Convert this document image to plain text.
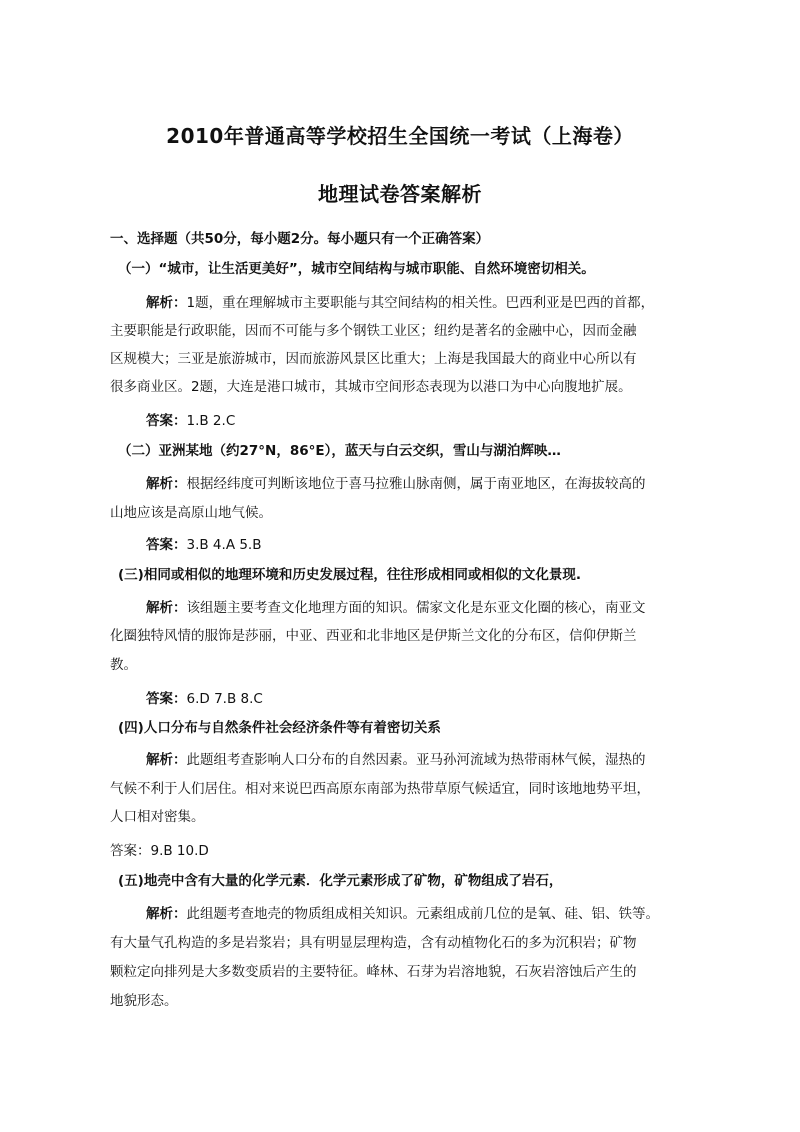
2010年普通高等学校招生全国统一考试（上海卷）
地理试卷答案解析
一、选择题（共50分，每小题2分。每小题只有一个正确答案）
（一）“城市，让生活更美好”，城市空间结构与城市职能、自然环境密切相关。
解析：1题，重在理解城市主要职能与其空间结构的相关性。巴西利亚是巴西的首都，
主要职能是行政职能，因而不可能与多个钢铁工业区；纽约是著名的金融中心，因而金融
区规模大；三亚是旅游城市，因而旅游风景区比重大；上海是我国最大的商业中心所以有
很多商业区。2题，大连是港口城市，其城市空间形态表现为以港口为中心向腹地扩展。
答案：1.B 2.C
（二）亚洲某地（约27°N，86°E），蓝天与白云交织，雪山与湖泊辉映…
解析：根据经纬度可判断该地位于喜马拉雅山脉南侧，属于南亚地区，在海拔较高的
山地应该是高原山地气候。
答案：3.B 4.A 5.B
(三)相同或相似的地理环境和历史发展过程，往往形成相同或相似的文化景现.
解析：该组题主要考查文化地理方面的知识。儒家文化是东亚文化圈的核心，南亚文
化圈独特风情的服饰是莎丽，中亚、西亚和北非地区是伊斯兰文化的分布区，信仰伊斯兰
教。
答案：6.D 7.B 8.C
(四)人口分布与自然条件社会经济条件等有着密切关系
解析：此题组考查影响人口分布的自然因素。亚马孙河流域为热带雨林气候，湿热的
气候不利于人们居住。相对来说巴西高原东南部为热带草原气候适宜，同时该地地势平坦，
人口相对密集。
答案：9.B 10.D
(五)地壳中含有大量的化学元素．化学元素形成了矿物，矿物组成了岩石，
解析：此组题考查地壳的物质组成相关知识。元素组成前几位的是氧、硅、铝、铁等。
有大量气孔构造的多是岩浆岩；具有明显层理构造，含有动植物化石的多为沉积岩；矿物
颗粒定向排列是大多数变质岩的主要特征。峰林、石芽为岩溶地貌，石灰岩溶蚀后产生的
地貌形态。
